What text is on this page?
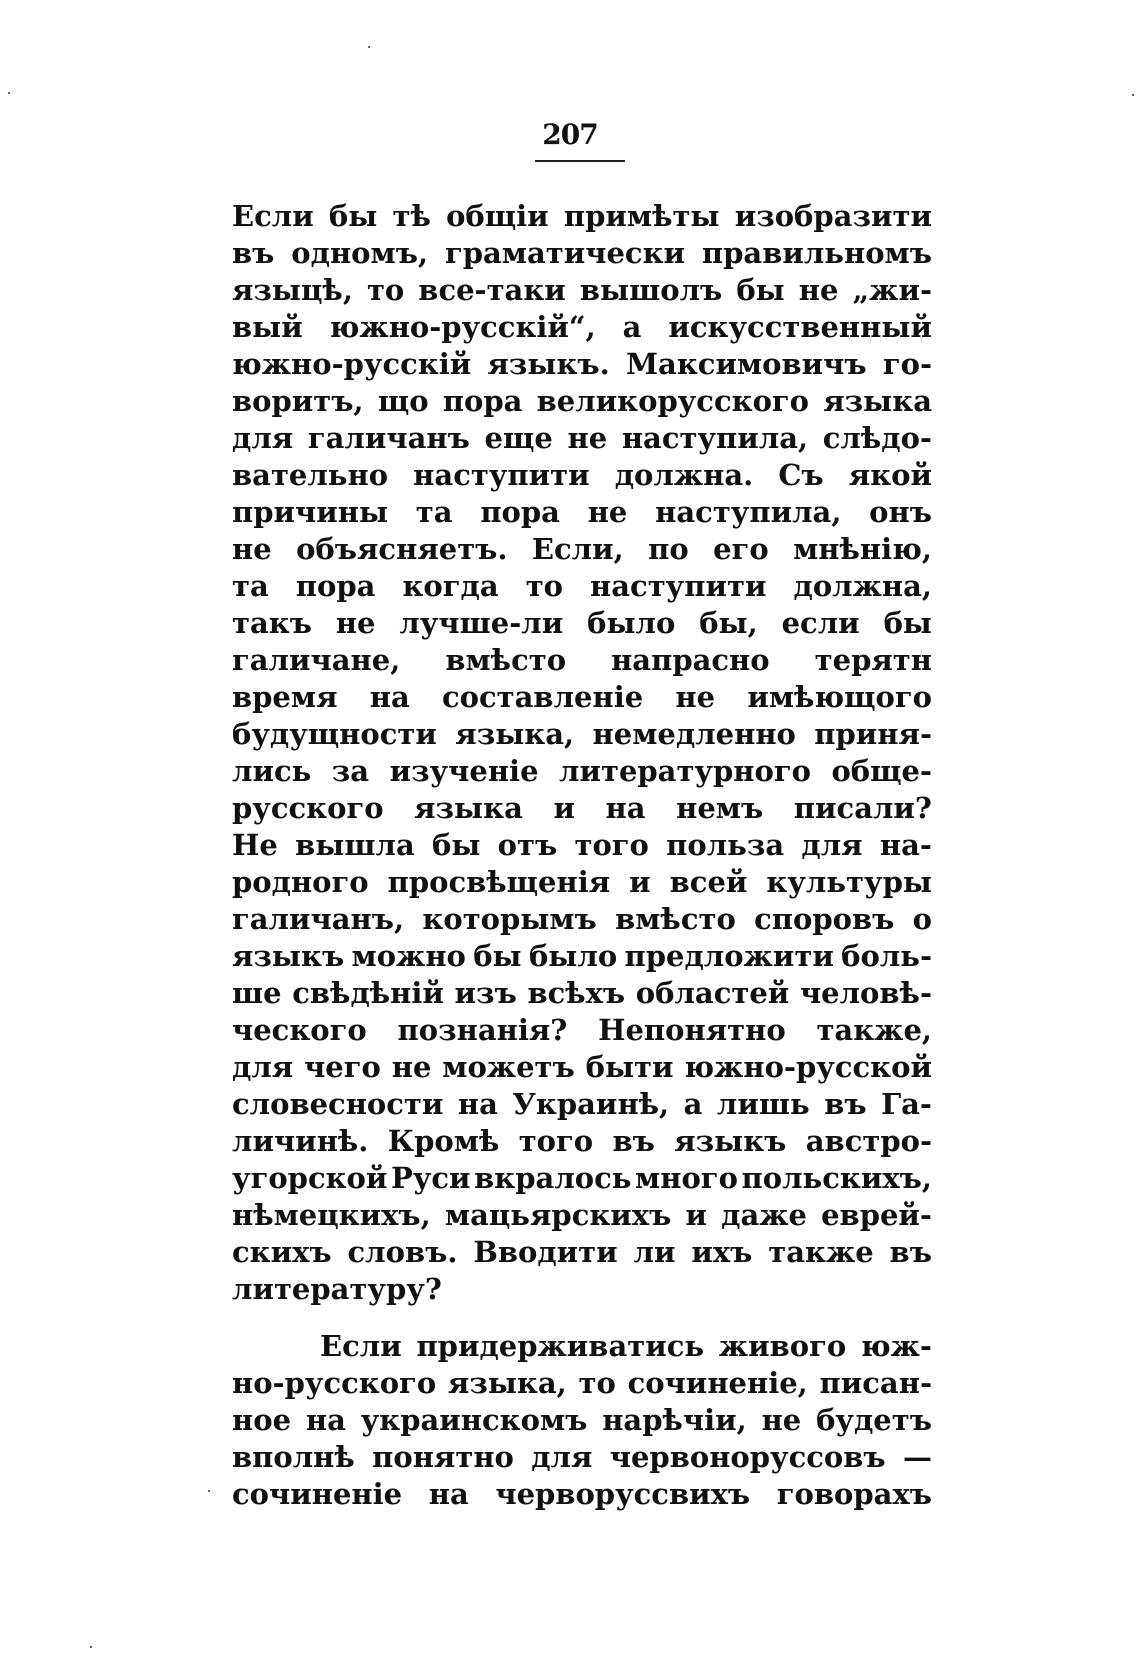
207
Если бы тѣ общіи примѣты изобразити
въ одномъ, граматически правильномъ
языцѣ, то все-таки вышолъ бы не „жи-
вый южно-русскій“, а искусственный
южно-русскій языкъ. Максимовичъ го-
воритъ, що пора великорусского языка
для галичанъ еще не наступила, слѣдо-
вательно наступити должна. Съ якой
причины та пора не наступила, онъ
не объясняетъ. Если, по его мнѣнію,
та пора когда то наступити должна,
такъ не лучше-ли было бы, если бы
галичане, вмѣсто напрасно терятн
время на составленіе не имѣющого
будущности языка, немедленно приня-
лись за изученіе литературного обще-
русского языка и на немъ писали?
Не вышла бы отъ того польза для на-
родного просвѣщенія и всей культуры
галичанъ, которымъ вмѣсто споровъ о
языкъ можно бы было предложити боль-
ше свѣдѣній изъ всѣхъ областей человѣ-
ческого познанія? Непонятно также,
для чего не можетъ быти южно-русской
словесности на Украинѣ, а лишь въ Га-
личинѣ. Кромѣ того въ языкъ австро-
угорской Руси вкралось много польскихъ,
нѣмецкихъ, мацьярскихъ и даже еврей-
скихъ словъ. Вводити ли ихъ также въ
литературу?
Если придерживатись живого юж-
но-русского языка, то сочиненіе, писан-
ное на украинскомъ нарѣчіи, не будетъ
вполнѣ понятно для червоноруссовъ —
сочиненіе на черворуссвихъ говорахъ
